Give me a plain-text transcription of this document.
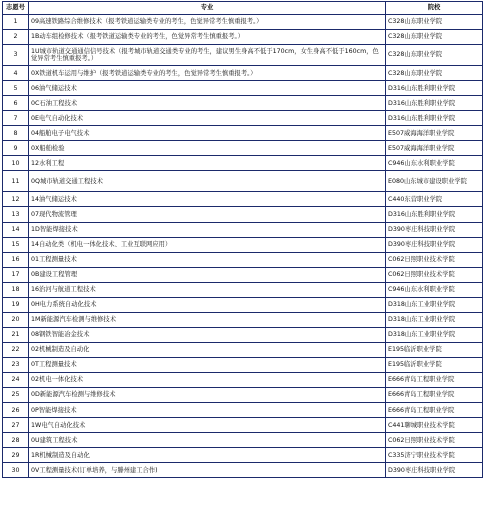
志愿号	专业	院校
1	09高速铁路综合维修技术（报考铁道运输类专业的考生，色觉异常考生慎重报考。）	C328山东职业学院
2	1B动车组检修技术（报考铁道运输类专业的考生，色觉异常考生慎重报考。）	C328山东职业学院
3	1U城市轨道交通通信信号技术（报考城市轨道交通类专业的考生，建议男生身高不低于170cm，女生身高不低于160cm，色觉异常考生慎重报考。）	C328山东职业学院
4	0X铁道机车运用与维护（报考铁道运输类专业的考生，色觉异常考生慎重报考。）	C328山东职业学院
5	06油气储运技术	D316山东胜利职业学院
6	0C石油工程技术	D316山东胜利职业学院
7	0E电气自动化技术	D316山东胜利职业学院
8	04船舶电子电气技术	E507威海海洋职业学院
9	0X船舶检验	E507威海海洋职业学院
10	12水利工程	C946山东水利职业学院
11	0Q城市轨道交通工程技术	E080山东城市建设职业学院
12	14油气储运技术	C440东营职业学院
13	07现代物流管理	D316山东胜利职业学院
14	1D智能焊接技术	D390枣庄科技职业学院
15	14自动化类（机电一体化技术、工业互联网应用）	D390枣庄科技职业学院
16	01工程测量技术	C062日照职业技术学院
17	0B建设工程管理	C062日照职业技术学院
18	16治河与航道工程技术	C946山东水利职业学院
19	0H电力系统自动化技术	D318山东工业职业学院
20	1M新能源汽车检测与维修技术	D318山东工业职业学院
21	08钢铁智能冶金技术	D318山东工业职业学院
22	02机械制造及自动化	E195临沂职业学院
23	0T工程测量技术	E195临沂职业学院
24	02机电一体化技术	E666青岛工程职业学院
25	0D新能源汽车检测与维修技术	E666青岛工程职业学院
26	0P智能焊接技术	E666青岛工程职业学院
27	1W电气自动化技术	C441聊城职业技术学院
28	0U建筑工程技术	C062日照职业技术学院
29	1R机械制造及自动化	C335济宁职业技术学院
30	0V工程测量技术(订单培养，与滕州建工合作)	D390枣庄科技职业学院
